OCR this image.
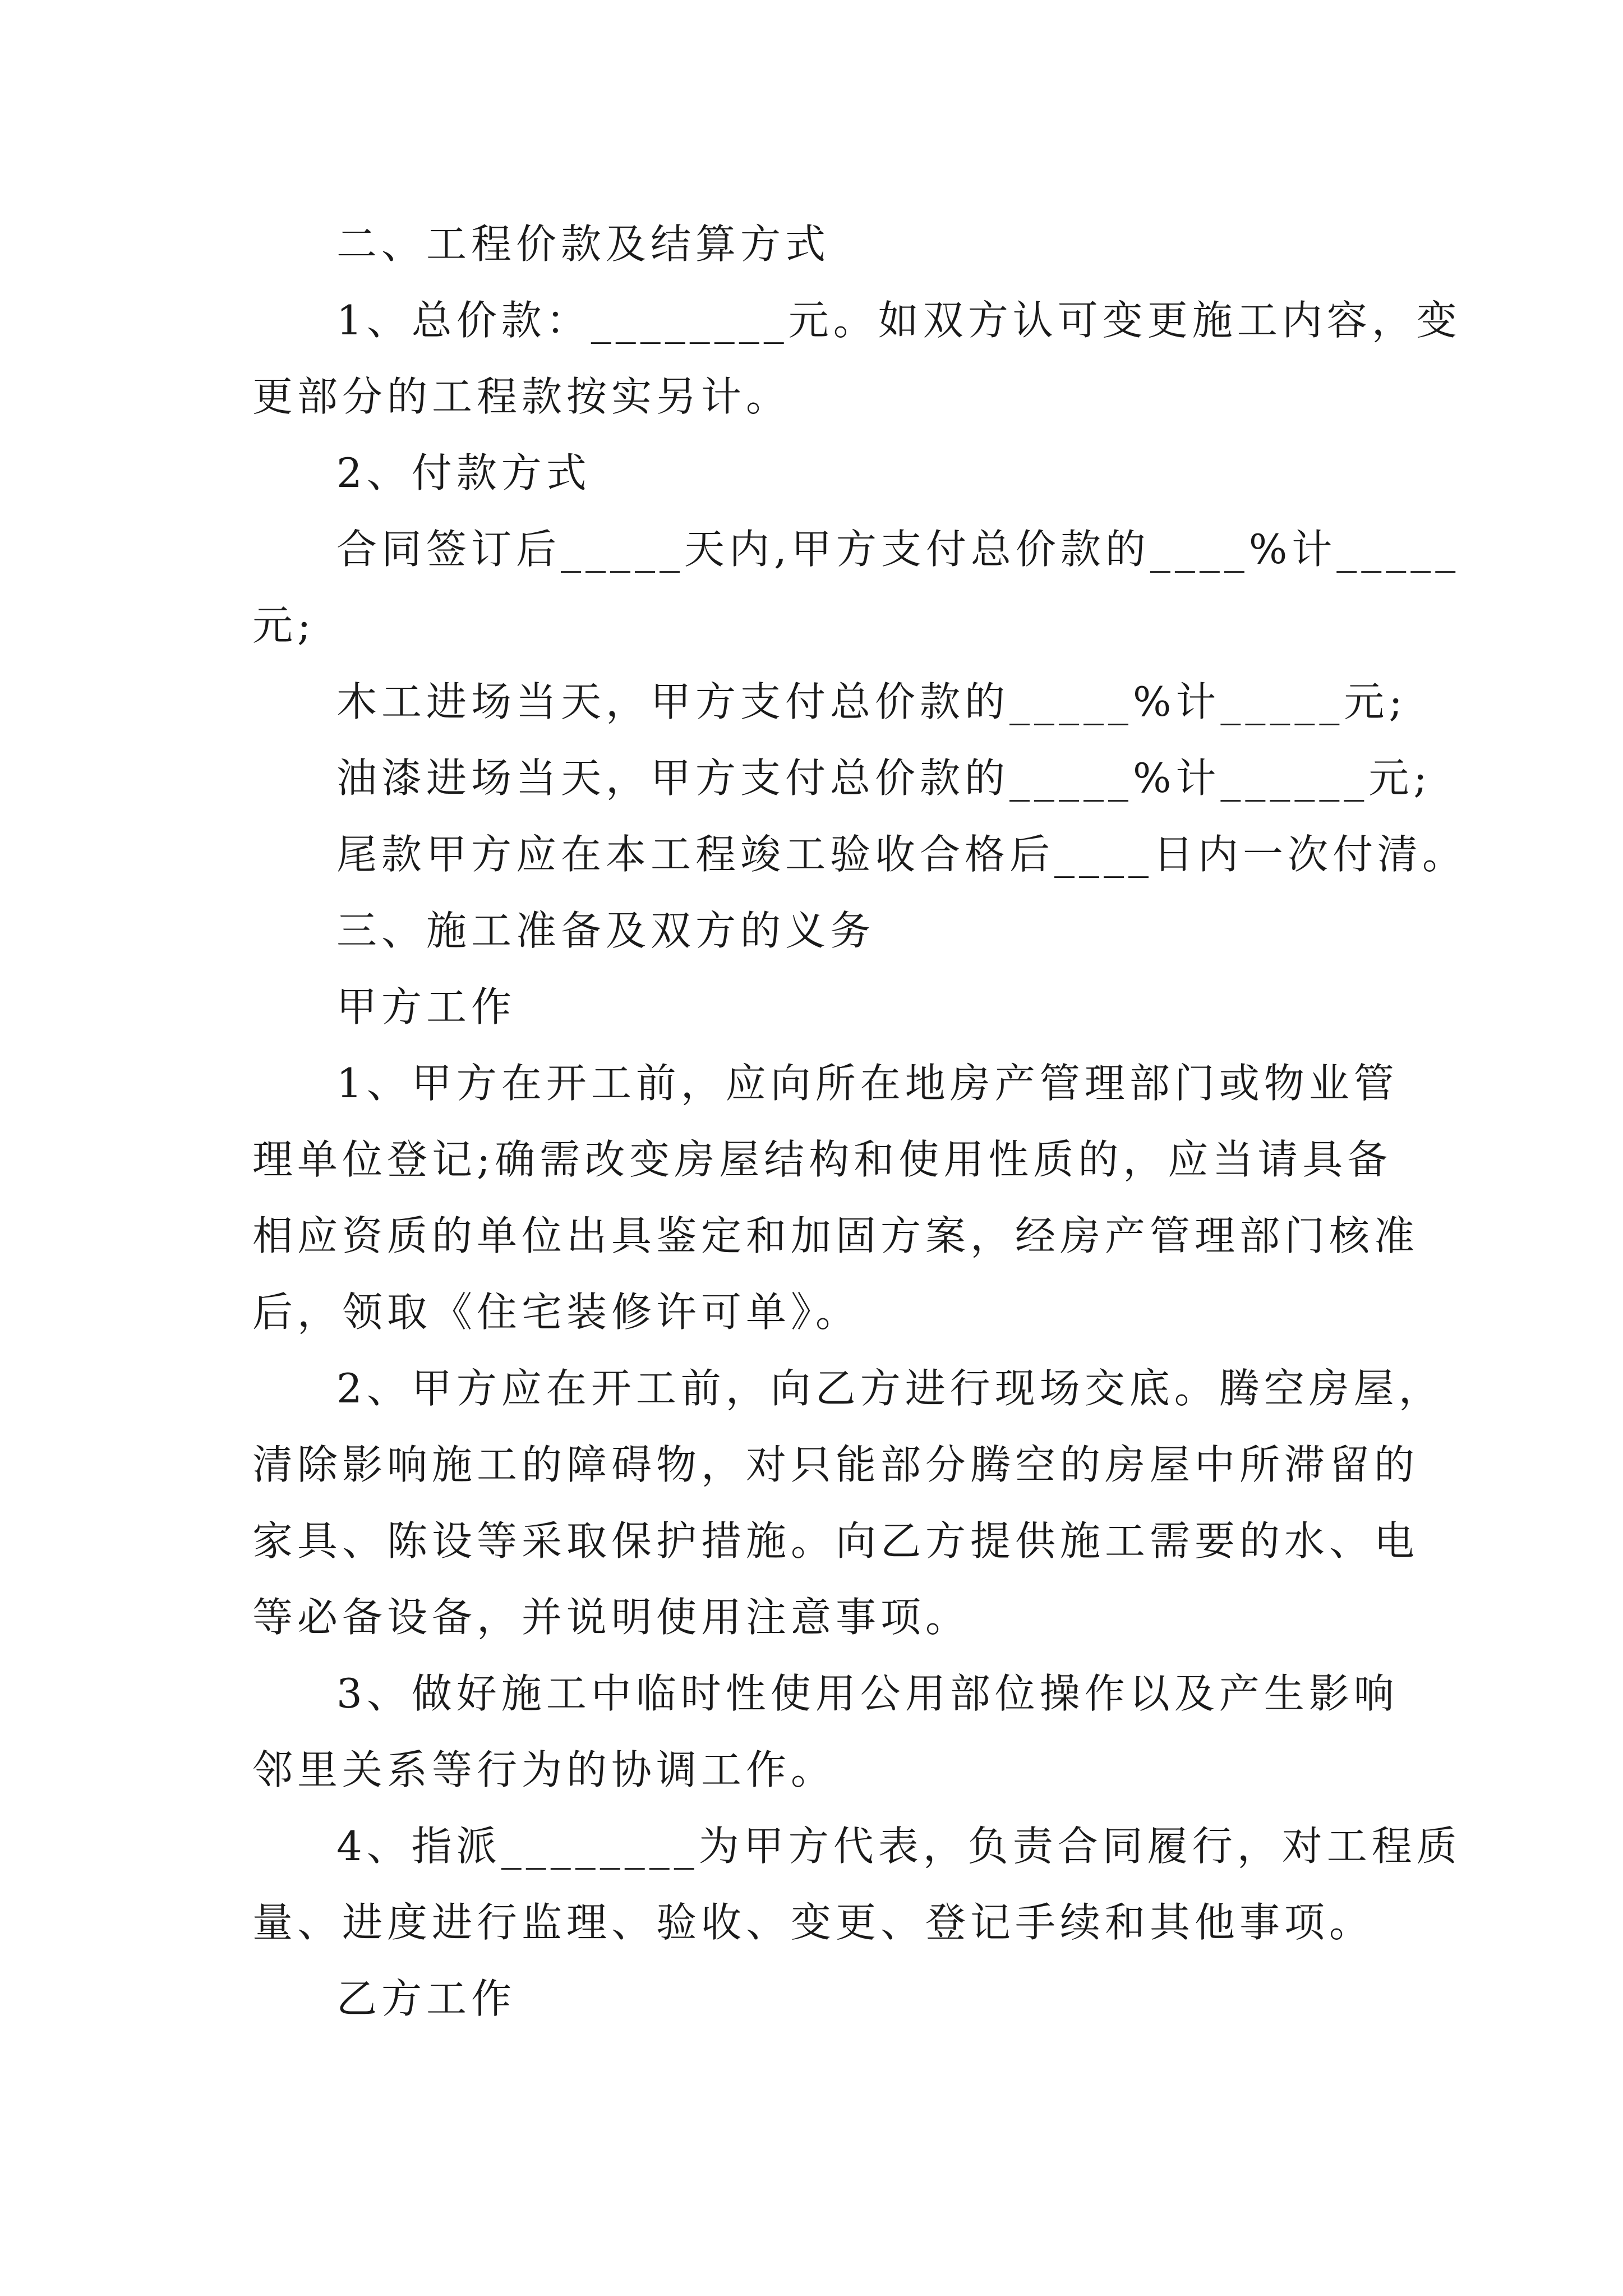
二、工程价款及结算方式
1、总价款：________元。如双方认可变更施工内容，变
更部分的工程款按实另计。
2、付款方式
合同签订后_____天内,甲方支付总价款的____%计_____
元;
木工进场当天，甲方支付总价款的_____%计_____元;
油漆进场当天，甲方支付总价款的_____%计______元;
尾款甲方应在本工程竣工验收合格后____日内一次付清。
三、施工准备及双方的义务
甲方工作
1、甲方在开工前，应向所在地房产管理部门或物业管
理单位登记;确需改变房屋结构和使用性质的，应当请具备
相应资质的单位出具鉴定和加固方案，经房产管理部门核准
后，领取《住宅装修许可单》。
2、甲方应在开工前，向乙方进行现场交底。腾空房屋，
清除影响施工的障碍物，对只能部分腾空的房屋中所滞留的
家具、陈设等采取保护措施。向乙方提供施工需要的水、电
等必备设备，并说明使用注意事项。
3、做好施工中临时性使用公用部位操作以及产生影响
邻里关系等行为的协调工作。
4、指派________为甲方代表，负责合同履行，对工程质
量、进度进行监理、验收、变更、登记手续和其他事项。
乙方工作
